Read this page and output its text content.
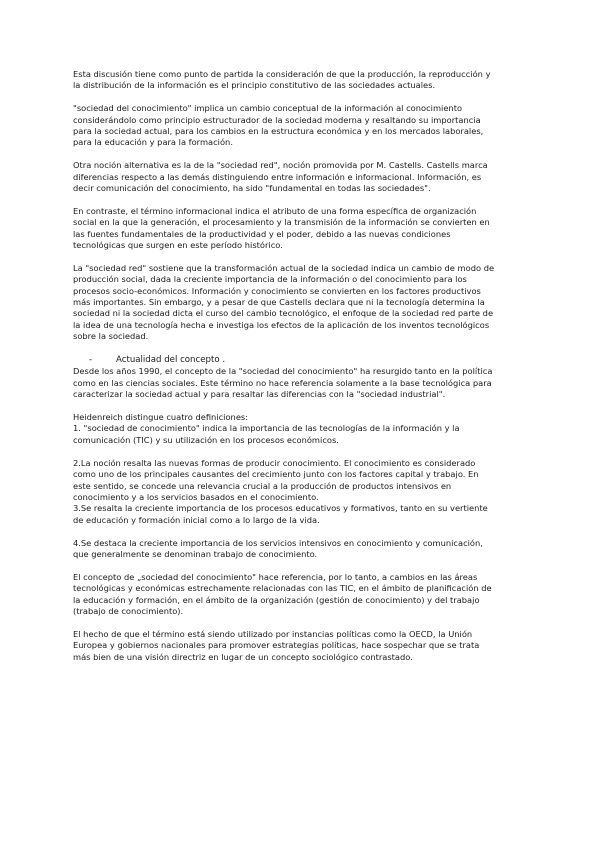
Esta discusión tiene como punto de partida la consideración de que la producción, la reproducción y
la distribución de la información es el principio constitutivo de las sociedades actuales.

"sociedad del conocimiento" implica un cambio conceptual de la información al conocimiento
considerándolo como principio estructurador de la sociedad moderna y resaltando su importancia
para la sociedad actual, para los cambios en la estructura económica y en los mercados laborales,
para la educación y para la formación.

Otra noción alternativa es la de la "sociedad red", noción promovida por M. Castells. Castells marca
diferencias respecto a las demás distinguiendo entre información e informacional. Información, es
decir comunicación del conocimiento, ha sido "fundamental en todas las sociedades".

En contraste, el término informacional indica el atributo de una forma específica de organización
social en la que la generación, el procesamiento y la transmisión de la información se convierten en
las fuentes fundamentales de la productividad y el poder, debido a las nuevas condiciones
tecnológicas que surgen en este período histórico.

La "sociedad red" sostiene que la transformación actual de la sociedad indica un cambio de modo de
producción social, dada la creciente importancia de la información o del conocimiento para los
procesos socio-económicos. Información y conocimiento se convierten en los factores productivos
más importantes. Sin embargo, y a pesar de que Castells declara que ni la tecnología determina la
sociedad ni la sociedad dicta el curso del cambio tecnológico, el enfoque de la sociedad red parte de
la idea de una tecnología hecha e investiga los efectos de la aplicación de los inventos tecnológicos
sobre la sociedad.

-	Actualidad del concepto .

Desde los años 1990, el concepto de la "sociedad del conocimiento" ha resurgido tanto en la política
como en las ciencias sociales. Este término no hace referencia solamente a la base tecnológica para
caracterizar la sociedad actual y para resaltar las diferencias con la "sociedad industrial".

Heidenreich distingue cuatro definiciones:
1. "sociedad de conocimiento" indica la importancia de las tecnologías de la información y la
comunicación (TIC) y su utilización en los procesos económicos.

2.La noción resalta las nuevas formas de producir conocimiento. El conocimiento es considerado
como uno de los principales causantes del crecimiento junto con los factores capital y trabajo. En
este sentido, se concede una relevancia crucial a la producción de productos intensivos en
conocimiento y a los servicios basados en el conocimiento.

3.Se resalta la creciente importancia de los procesos educativos y formativos, tanto en su vertiente
de educación y formación inicial como a lo largo de la vida.

4.Se destaca la creciente importancia de los servicios intensivos en conocimiento y comunicación,
que generalmente se denominan trabajo de conocimiento.

El concepto de „sociedad del conocimiento" hace referencia, por lo tanto, a cambios en las áreas
tecnológicas y económicas estrechamente relacionadas con las TIC, en el ámbito de planificación de
la educación y formación, en el ámbito de la organización (gestión de conocimiento) y del trabajo
(trabajo de conocimiento).

El hecho de que el término está siendo utilizado por instancias políticas como la OECD, la Unión
Europea y gobiernos nacionales para promover estrategias políticas, hace sospechar que se trata
más bien de una visión directriz en lugar de un concepto sociológico contrastado.
